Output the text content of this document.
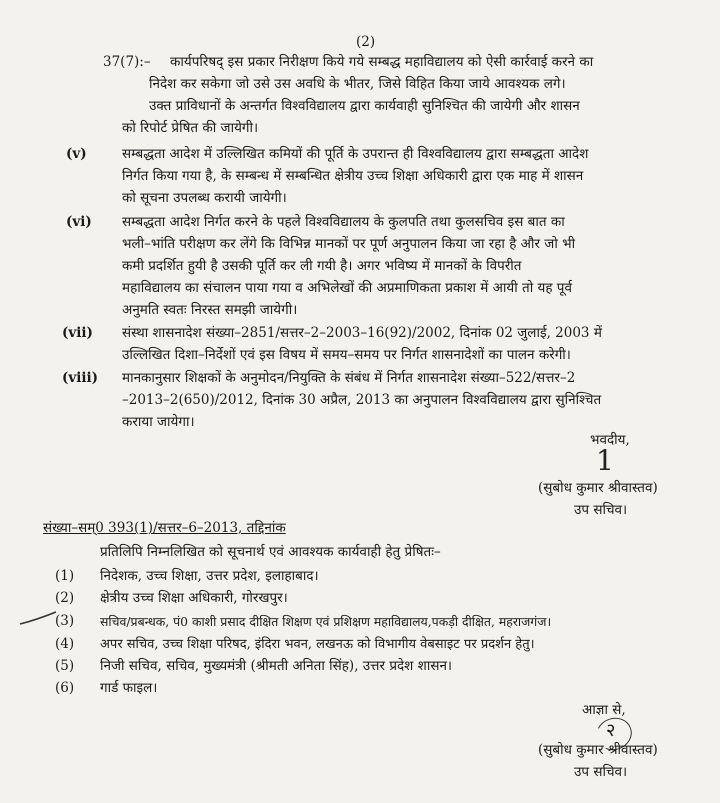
(2)
37(7):– कार्यपरिषद् इस प्रकार निरीक्षण किये गये सम्बद्ध महाविद्यालय को ऐसी कार्रवाई करने का
निदेश कर सकेगा जो उसे उस अवधि के भीतर, जिसे विहित किया जाये आवश्यक लगे।
उक्त प्राविधानों के अन्तर्गत विश्वविद्यालय द्वारा कार्यवाही सुनिश्चित की जायेगी और शासन
को रिपोर्ट प्रेषित की जायेगी।
(v)	सम्बद्धता आदेश में उल्लिखित कमियों की पूर्ति के उपरान्त ही विश्वविद्यालय द्वारा सम्बद्धता आदेश
निर्गत किया गया है, के सम्बन्ध में सम्बन्धित क्षेत्रीय उच्च शिक्षा अधिकारी द्वारा एक माह में शासन
को सूचना उपलब्ध करायी जायेगी।
(vi) सम्बद्धता आदेश निर्गत करने के पहले विश्वविद्यालय के कुलपति तथा कुलसचिव इस बात का
भली–भांति परीक्षण कर लेंगे कि विभिन्न मानकों पर पूर्ण अनुपालन किया जा रहा है और जो भी
कमी प्रदर्शित हुयी है उसकी पूर्ति कर ली गयी है। अगर भविष्य में मानकों के विपरीत
महाविद्यालय का संचालन पाया गया व अभिलेखों की अप्रमाणिकता प्रकाश में आयी तो यह पूर्व
अनुमति स्वतः निरस्त समझी जायेगी।
(vii) संस्था शासनादेश संख्या–2851/सत्तर–2–2003–16(92)/2002, दिनांक 02 जुलाई, 2003 में
उल्लिखित दिशा–निर्देशों एवं इस विषय में समय–समय पर निर्गत शासनादेशों का पालन करेगी।
(viii) मानकानुसार शिक्षकों के अनुमोदन/नियुक्ति के संबंध में निर्गत शासनादेश संख्या–522/सत्तर–2
–2013–2(650)/2012, दिनांक 30 अप्रैल, 2013 का अनुपालन विश्वविद्यालय द्वारा सुनिश्चित
कराया जायेगा।
भवदीय,
1
(सुबोध कुमार श्रीवास्तव)
उप सचिव।
संख्या–सम्0 393(1)/सत्तर–6–2013, तद्दिनांक
प्रतिलिपि निम्नलिखित को सूचनार्थ एवं आवश्यक कार्यवाही हेतु प्रेषितः–
(1) निदेशक, उच्च शिक्षा, उत्तर प्रदेश, इलाहाबाद।
(2) क्षेत्रीय उच्च शिक्षा अधिकारी, गोरखपुर।
(3) सचिव/प्रबन्धक, पं0 काशी प्रसाद दीक्षित शिक्षण एवं प्रशिक्षण महाविद्यालय,पकड़ी दीक्षित, महराजगंज।
(4) अपर सचिव, उच्च शिक्षा परिषद, इंदिरा भवन, लखनऊ को विभागीय वेबसाइट पर प्रदर्शन हेतु।
(5) निजी सचिव, सचिव, मुख्यमंत्री (श्रीमती अनिता सिंह), उत्तर प्रदेश शासन।
(6) गार्ड फाइल।
आज्ञा से,
२
(सुबोध कुमार श्रीवास्तव)
उप सचिव।
